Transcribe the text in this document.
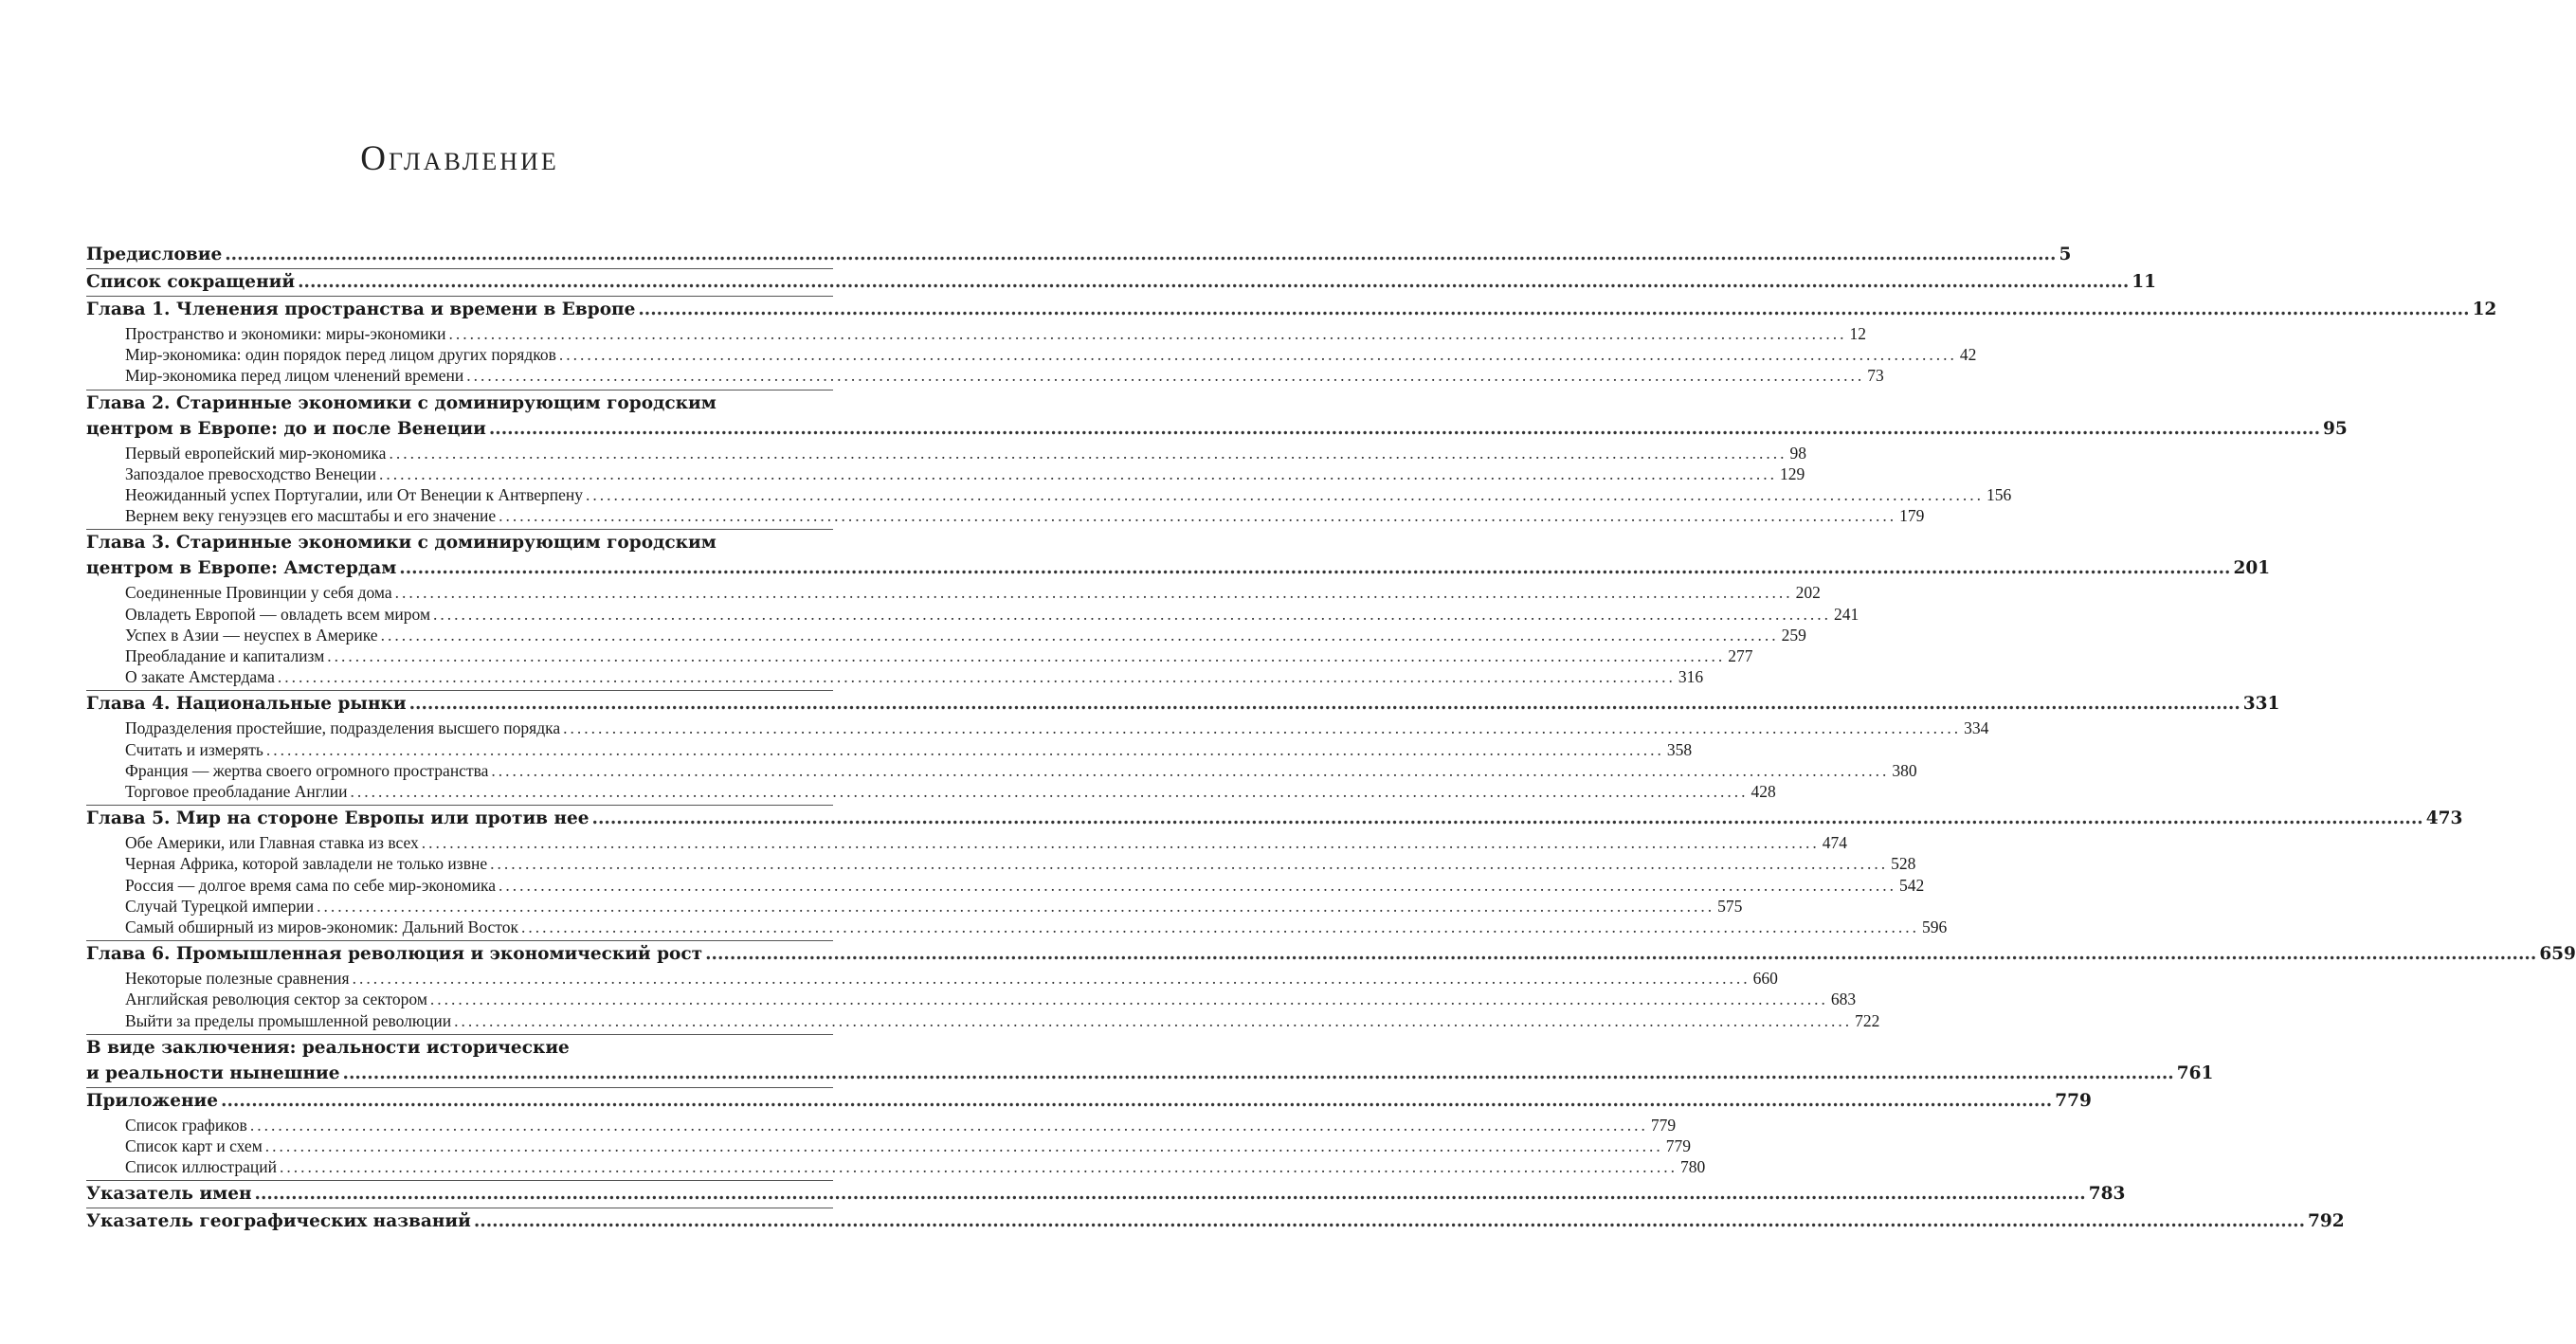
Оглавление
Предисловие ............................................................................................................................................................................................................................................................................................................ 5
Список сокращений ............................................................................................................................................................................................................................................................................................................ 11
Глава 1. Членения пространства и времени в Европе ............................................................................................................................................................................................................................................................................................................ 12
Пространство и экономики: миры-экономики ........................................................................................................................................................................................................ 12
Мир-экономика: один порядок перед лицом других порядков ........................................................................................................................................................................................................ 42
Мир-экономика перед лицом членений времени ........................................................................................................................................................................................................ 73
Глава 2. Старинные экономики с доминирующим городским
центром в Европе: до и после Венеции ............................................................................................................................................................................................................................................................................................................ 95
Первый европейский мир-экономика ........................................................................................................................................................................................................ 98
Запоздалое превосходство Венеции ........................................................................................................................................................................................................ 129
Неожиданный успех Португалии, или От Венеции к Антверпену ........................................................................................................................................................................................................ 156
Вернем веку генуэзцев его масштабы и его значение ........................................................................................................................................................................................................ 179
Глава 3. Старинные экономики с доминирующим городским
центром в Европе: Амстердам ............................................................................................................................................................................................................................................................................................................ 201
Соединенные Провинции у себя дома ........................................................................................................................................................................................................ 202
Овладеть Европой — овладеть всем миром ........................................................................................................................................................................................................ 241
Успех в Азии — неуспех в Америке ........................................................................................................................................................................................................ 259
Преобладание и капитализм ........................................................................................................................................................................................................ 277
О закате Амстердама ........................................................................................................................................................................................................ 316
Глава 4. Национальные рынки ............................................................................................................................................................................................................................................................................................................ 331
Подразделения простейшие, подразделения высшего порядка ........................................................................................................................................................................................................ 334
Считать и измерять ........................................................................................................................................................................................................ 358
Франция — жертва своего огромного пространства ........................................................................................................................................................................................................ 380
Торговое преобладание Англии ........................................................................................................................................................................................................ 428
Глава 5. Мир на стороне Европы или против нее ............................................................................................................................................................................................................................................................................................................ 473
Обе Америки, или Главная ставка из всех ........................................................................................................................................................................................................ 474
Черная Африка, которой завладели не только извне ........................................................................................................................................................................................................ 528
Россия — долгое время сама по себе мир-экономика ........................................................................................................................................................................................................ 542
Случай Турецкой империи ........................................................................................................................................................................................................ 575
Самый обширный из миров-экономик: Дальний Восток ........................................................................................................................................................................................................ 596
Глава 6. Промышленная революция и экономический рост ............................................................................................................................................................................................................................................................................................................ 659
Некоторые полезные сравнения ........................................................................................................................................................................................................ 660
Английская революция сектор за сектором ........................................................................................................................................................................................................ 683
Выйти за пределы промышленной революции ........................................................................................................................................................................................................ 722
В виде заключения: реальности исторические
и реальности нынешние ............................................................................................................................................................................................................................................................................................................ 761
Приложение ............................................................................................................................................................................................................................................................................................................ 779
Список графиков ........................................................................................................................................................................................................ 779
Список карт и схем ........................................................................................................................................................................................................ 779
Список иллюстраций ........................................................................................................................................................................................................ 780
Указатель имен ............................................................................................................................................................................................................................................................................................................ 783
Указатель географических названий ............................................................................................................................................................................................................................................................................................................ 792
